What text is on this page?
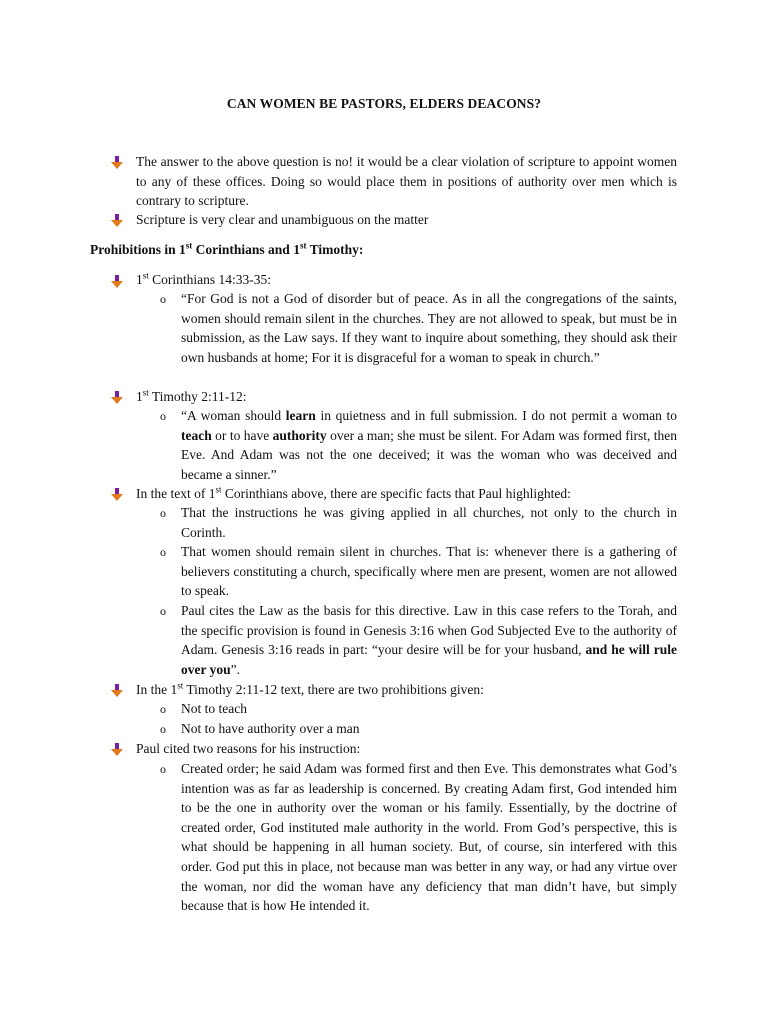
CAN WOMEN BE PASTORS, ELDERS DEACONS?
The answer to the above question is no! it would be a clear violation of scripture to appoint women to any of these offices. Doing so would place them in positions of authority over men which is contrary to scripture.
Scripture is very clear and unambiguous on the matter
Prohibitions in 1st Corinthians and 1st Timothy:
1st Corinthians 14:33-35:
o “For God is not a God of disorder but of peace. As in all the congregations of the saints, women should remain silent in the churches. They are not allowed to speak, but must be in submission, as the Law says. If they want to inquire about something, they should ask their own husbands at home; For it is disgraceful for a woman to speak in church.”
1st Timothy 2:11-12:
o “A woman should learn in quietness and in full submission. I do not permit a woman to teach or to have authority over a man; she must be silent. For Adam was formed first, then Eve. And Adam was not the one deceived; it was the woman who was deceived and became a sinner.”
In the text of 1st Corinthians above, there are specific facts that Paul highlighted:
o That the instructions he was giving applied in all churches, not only to the church in Corinth.
o That women should remain silent in churches. That is: whenever there is a gathering of believers constituting a church, specifically where men are present, women are not allowed to speak.
o Paul cites the Law as the basis for this directive. Law in this case refers to the Torah, and the specific provision is found in Genesis 3:16 when God Subjected Eve to the authority of Adam. Genesis 3:16 reads in part: “your desire will be for your husband, and he will rule over you”.
In the 1st Timothy 2:11-12 text, there are two prohibitions given:
o Not to teach
o Not to have authority over a man
Paul cited two reasons for his instruction:
o Created order; he said Adam was formed first and then Eve. This demonstrates what God’s intention was as far as leadership is concerned. By creating Adam first, God intended him to be the one in authority over the woman or his family. Essentially, by the doctrine of created order, God instituted male authority in the world. From God’s perspective, this is what should be happening in all human society. But, of course, sin interfered with this order. God put this in place, not because man was better in any way, or had any virtue over the woman, nor did the woman have any deficiency that man didn’t have, but simply because that is how He intended it.
